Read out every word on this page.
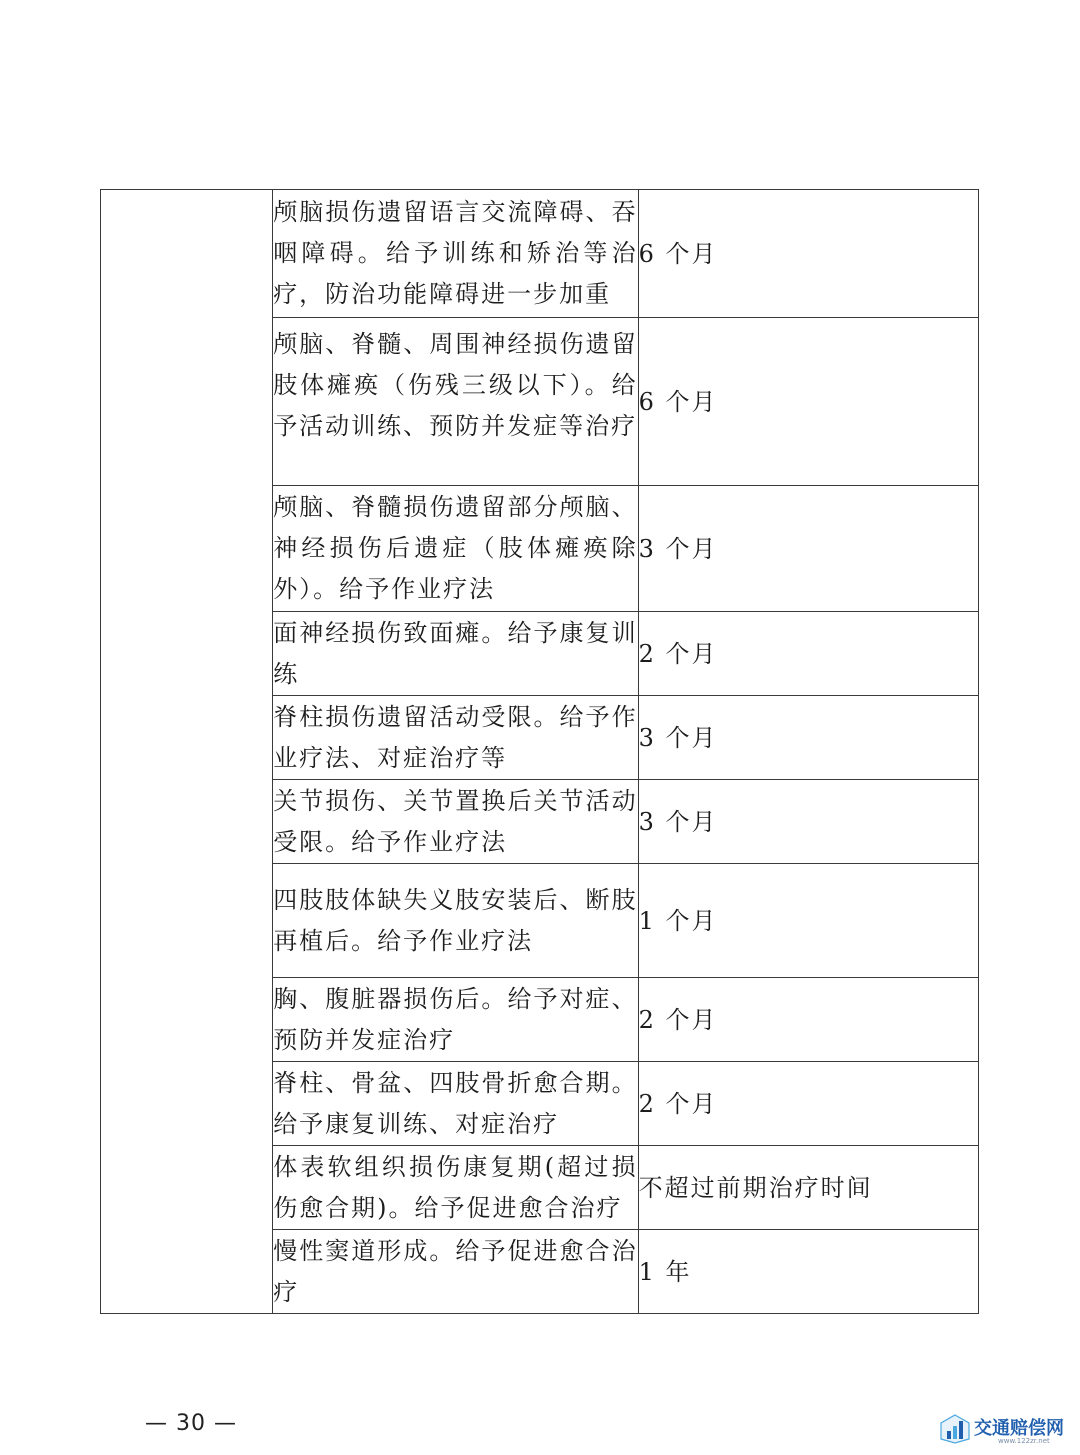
	颅脑损伤遗留语言交流障碍、吞咽障碍。给予训练和矫治等治疗，防治功能障碍进一步加重	6 个月
	颅脑、脊髓、周围神经损伤遗留肢体瘫痪（伤残三级以下）。给予活动训练、预防并发症等治疗	6 个月
	颅脑、脊髓损伤遗留部分颅脑、神经损伤后遗症（肢体瘫痪除外）。给予作业疗法	3 个月
	面神经损伤致面瘫。给予康复训练	2 个月
	脊柱损伤遗留活动受限。给予作业疗法、对症治疗等	3 个月
	关节损伤、关节置换后关节活动受限。给予作业疗法	3 个月
	四肢肢体缺失义肢安装后、断肢再植后。给予作业疗法	1 个月
	胸、腹脏器损伤后。给予对症、预防并发症治疗	2 个月
	脊柱、骨盆、四肢骨折愈合期。给予康复训练、对症治疗	2 个月
	体表软组织损伤康复期(超过损伤愈合期)。给予促进愈合治疗	不超过前期治疗时间
	慢性窦道形成。给予促进愈合治疗	1 年
— 30 —	交通赔偿网
www.122zr.net
